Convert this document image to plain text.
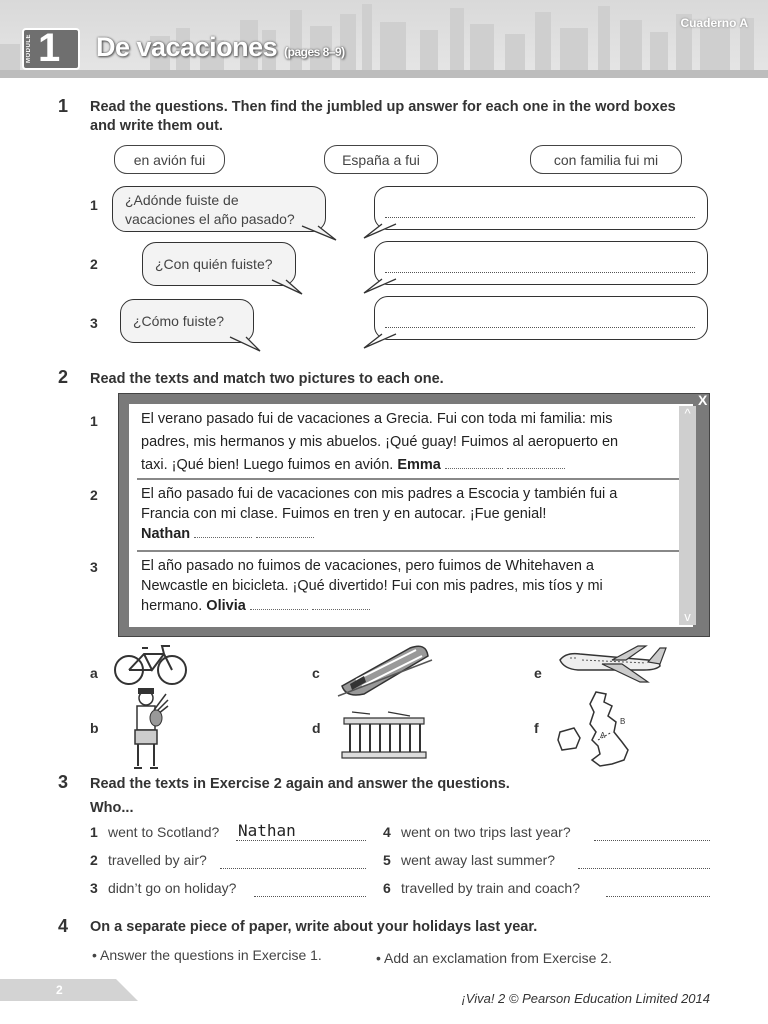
MODULE 1 De vacaciones (pages 8–9)
Cuaderno A
1 Read the questions. Then find the jumbled up answer for each one in the word boxes and write them out.
en avión fui	España a fui	con familia fui mi
1 ¿Adónde fuiste de
vacaciones el año pasado?
2	¿Con quién fuiste?
3	¿Cómo fuiste?
2 Read the texts and match two pictures to each one.
1
2
3
X
El verano pasado fui de vacaciones a Grecia. Fui con toda mi familia: mis
padres, mis hermanos y mis abuelos. ¡Qué guay! Fuimos al aeropuerto en
taxi. ¡Qué bien! Luego fuimos en avión. Emma
El año pasado fui de vacaciones con mis padres a Escocia y también fui a
Francia con mi clase. Fuimos en tren y en autocar. ¡Fue genial!
Nathan
El año pasado no fuimos de vacaciones, pero fuimos de Whitehaven a
Newcastle en bicicleta. ¡Qué divertido! Fui con mis padres, mis tíos y mi
hermano. Olivia
^
v
a
b
c
d
e
f	A
B
3 Read the texts in Exercise 2 again and answer the questions.
Who...
1 went to Scotland? Nathan
2 travelled by air?
3 didn’t go on holiday?
4 went on two trips last year?
5 went away last summer?
6 travelled by train and coach?
4 On a separate piece of paper, write about your holidays last year.
• Answer the questions in Exercise 1.	• Add an exclamation from Exercise 2.
2
¡Viva! 2 © Pearson Education Limited 2014
